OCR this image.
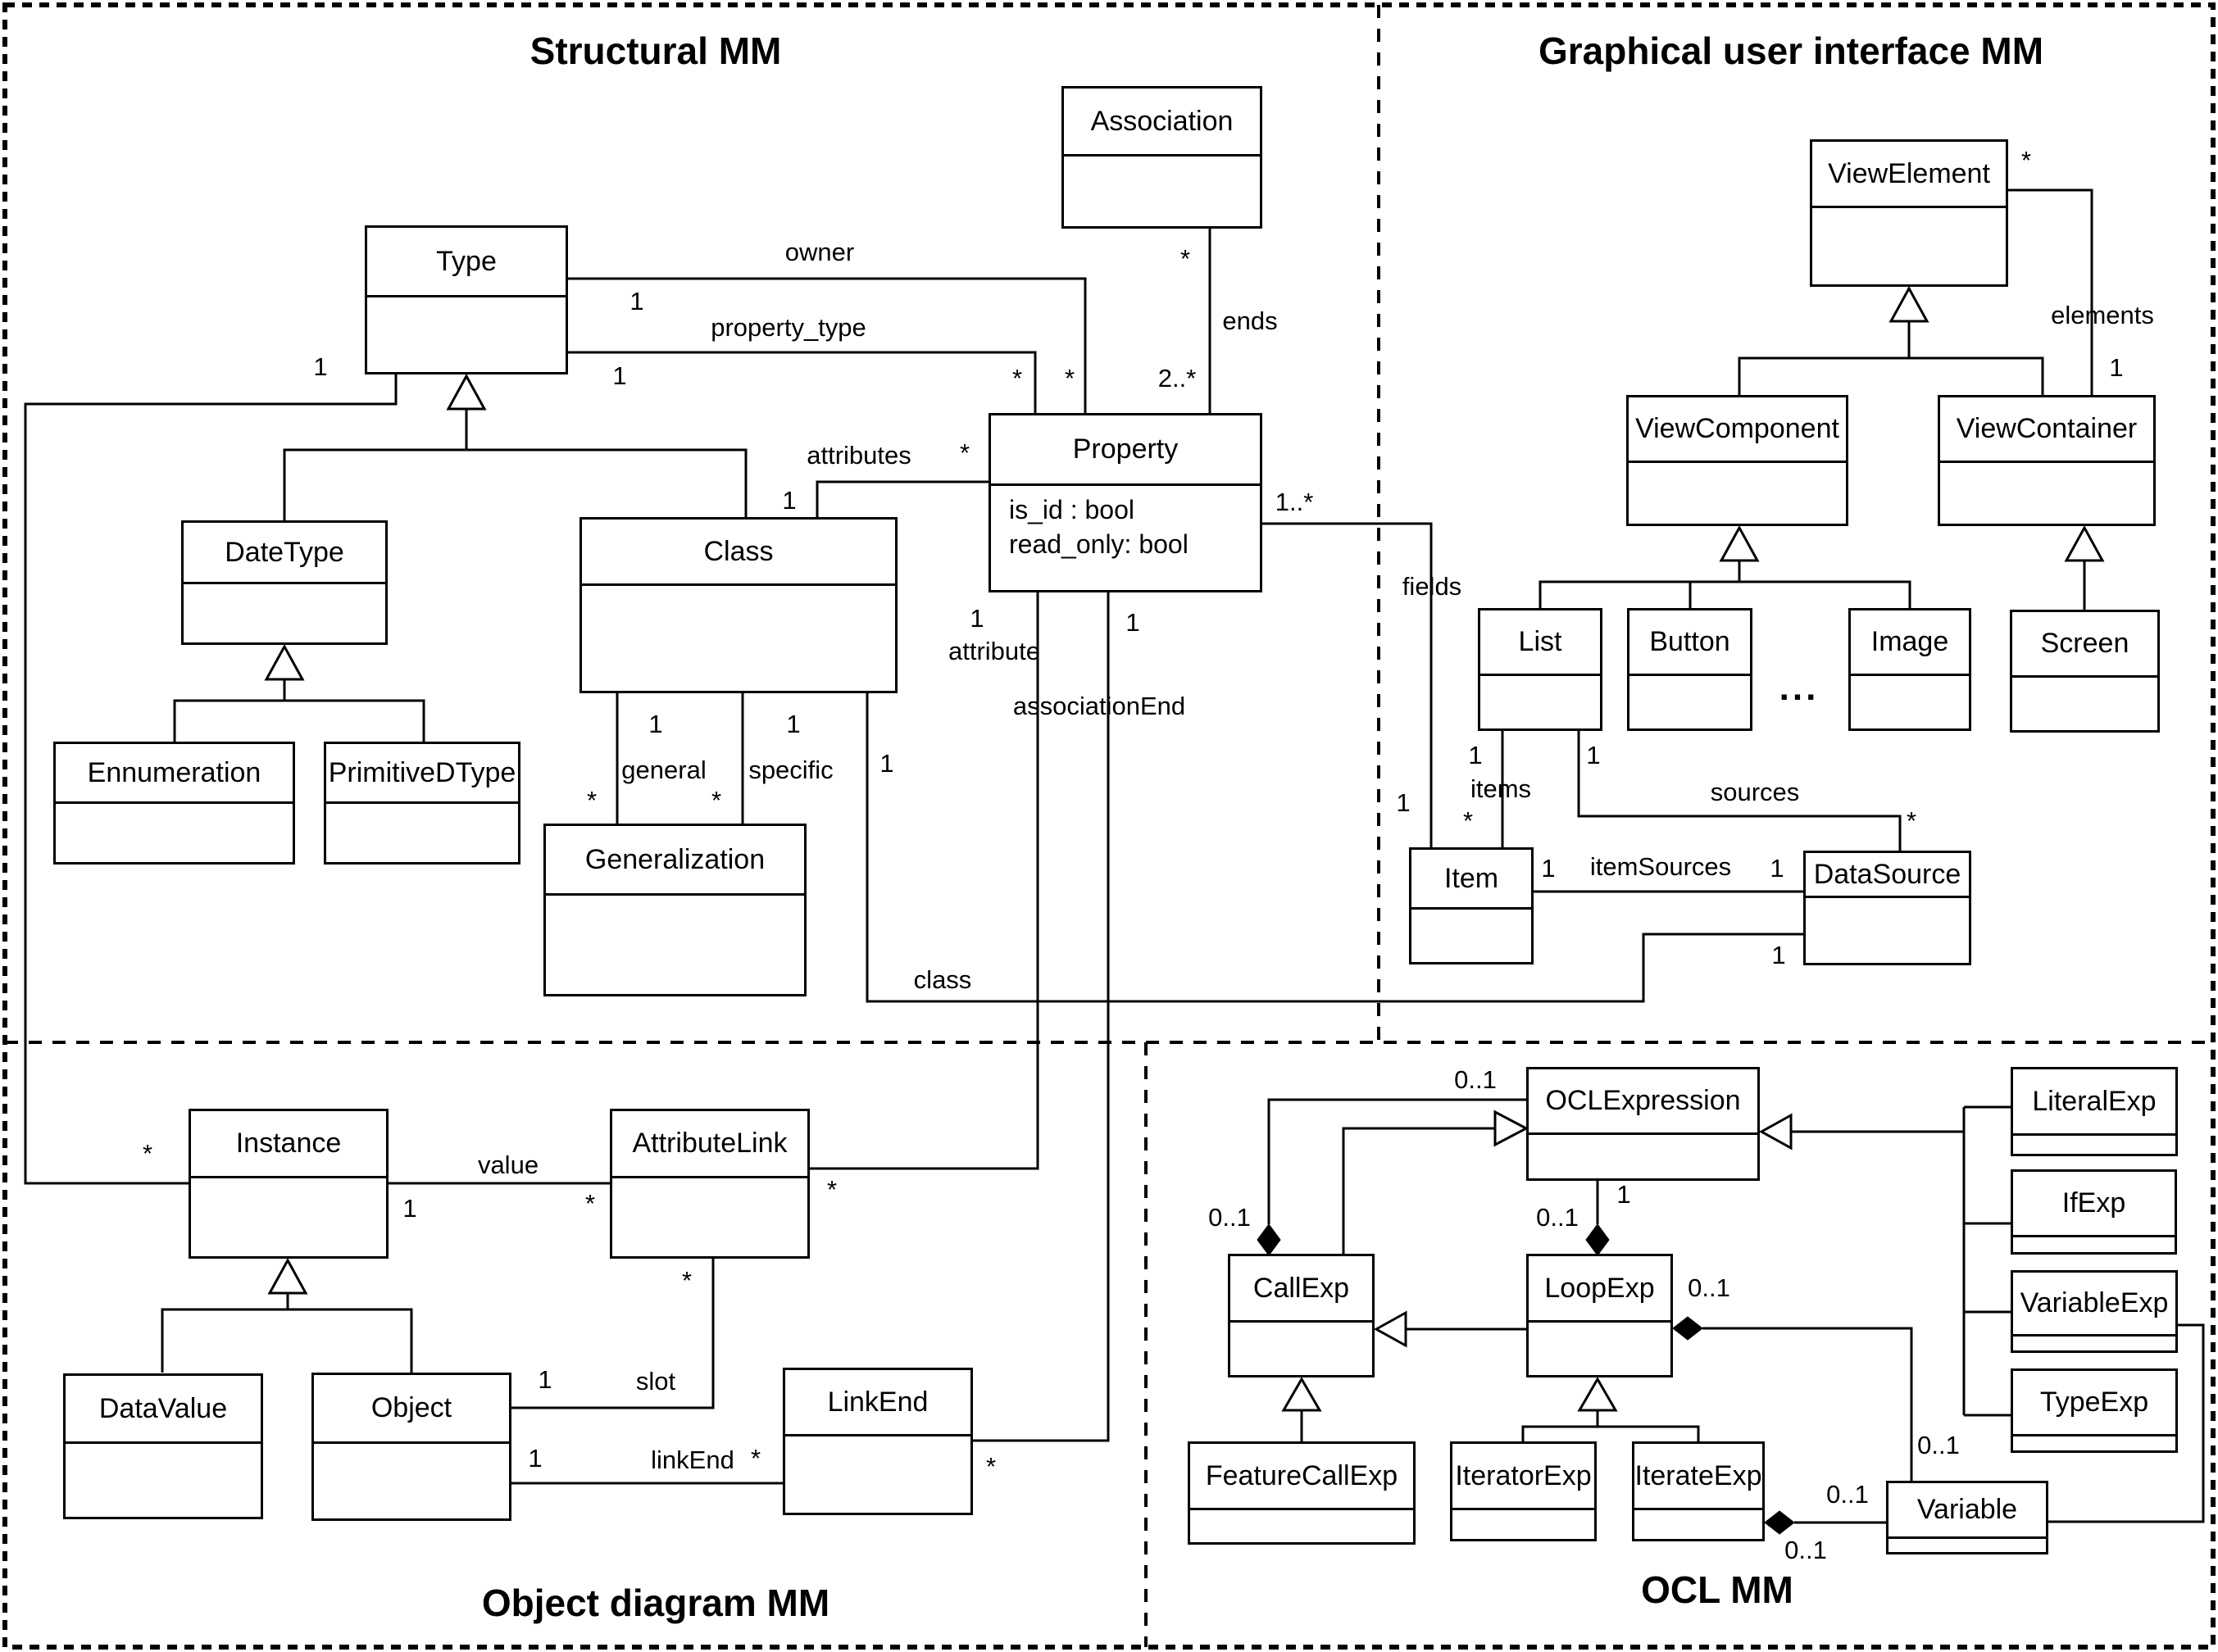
Structural MM	Graphical user interface MM
Object diagram MM	OCL MM
Type
Association
Property
is_id : bool
read_only: bool
DateType	Class
Ennumeration	PrimitiveDType
Generalization
ViewElement
ViewComponent	ViewContainer
List	Button	Image	Screen
Item	DataSource
Instance	AttributeLink
DataValue	Object	LinkEnd
OCLExpression
CallExp	LoopExp
FeatureCallExp	IteratorExp IterateExp
LiteralExp
IfExp
VariableExp
TypeExp
Variable
owner
1
*
property_type
1	*
ends
*
2..*
attributes *
1
general
1
*
specific
1
*
class
1
1
attribute
1
*
associationEnd
1
*
1
*
fields
1..*
1
elements
*
1
items
1
*
sources
1
*
itemSources
1	1
value
1	*
slot
1
*
linkEnd
1	*
...
0..1
0..1
1
0..1
0..1
0..1
0..1
0..1
